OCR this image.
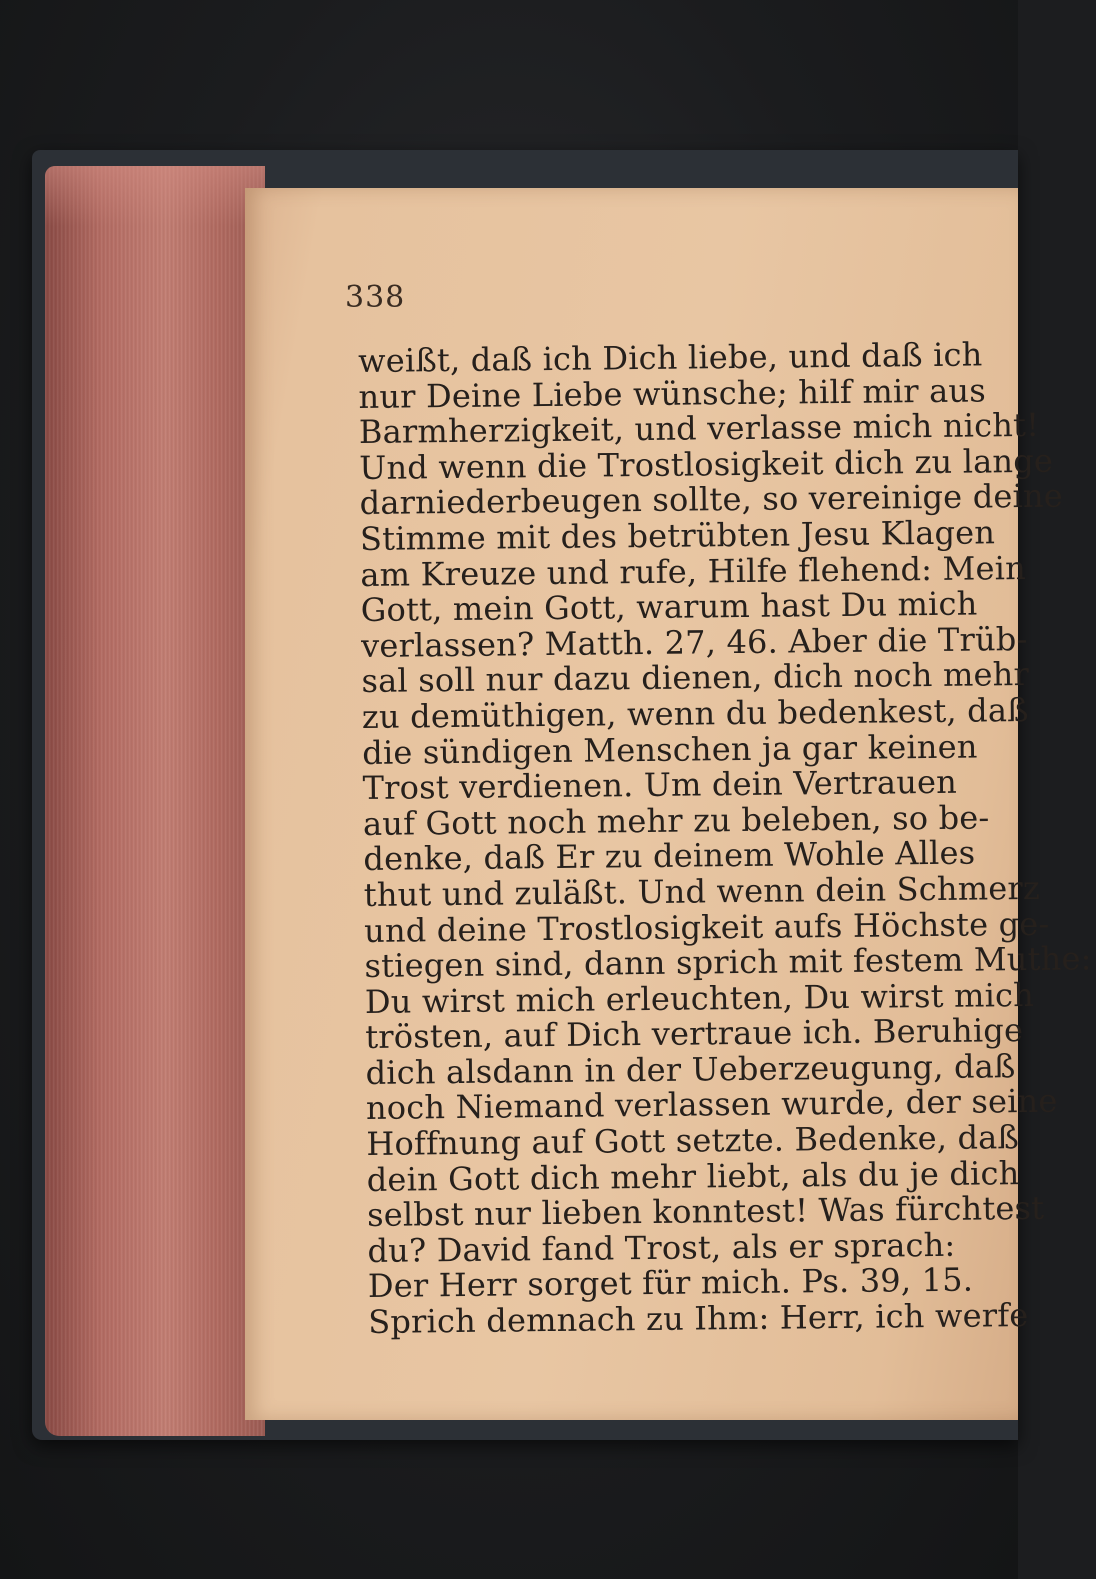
338
weißt, daß ich Dich liebe, und daß ich
nur Deine Liebe wünsche; hilf mir aus
Barmherzigkeit, und verlasse mich nicht!
Und wenn die Trostlosigkeit dich zu lange
darniederbeugen sollte, so vereinige deine
Stimme mit des betrübten Jesu Klagen
am Kreuze und rufe, Hilfe flehend: Mein
Gott, mein Gott, warum hast Du mich
verlassen? Matth. 27, 46. Aber die Trüb-
sal soll nur dazu dienen, dich noch mehr
zu demüthigen, wenn du bedenkest, daß
die sündigen Menschen ja gar keinen
Trost verdienen. Um dein Vertrauen
auf Gott noch mehr zu beleben, so be-
denke, daß Er zu deinem Wohle Alles
thut und zuläßt. Und wenn dein Schmerz
und deine Trostlosigkeit aufs Höchste ge-
stiegen sind, dann sprich mit festem Muthe:
Du wirst mich erleuchten, Du wirst mich
trösten, auf Dich vertraue ich. Beruhige
dich alsdann in der Ueberzeugung, daß
noch Niemand verlassen wurde, der seine
Hoffnung auf Gott setzte. Bedenke, daß
dein Gott dich mehr liebt, als du je dich
selbst nur lieben konntest! Was fürchtest
du? David fand Trost, als er sprach:
Der Herr sorget für mich. Ps. 39, 15.
Sprich demnach zu Ihm: Herr, ich werfe
